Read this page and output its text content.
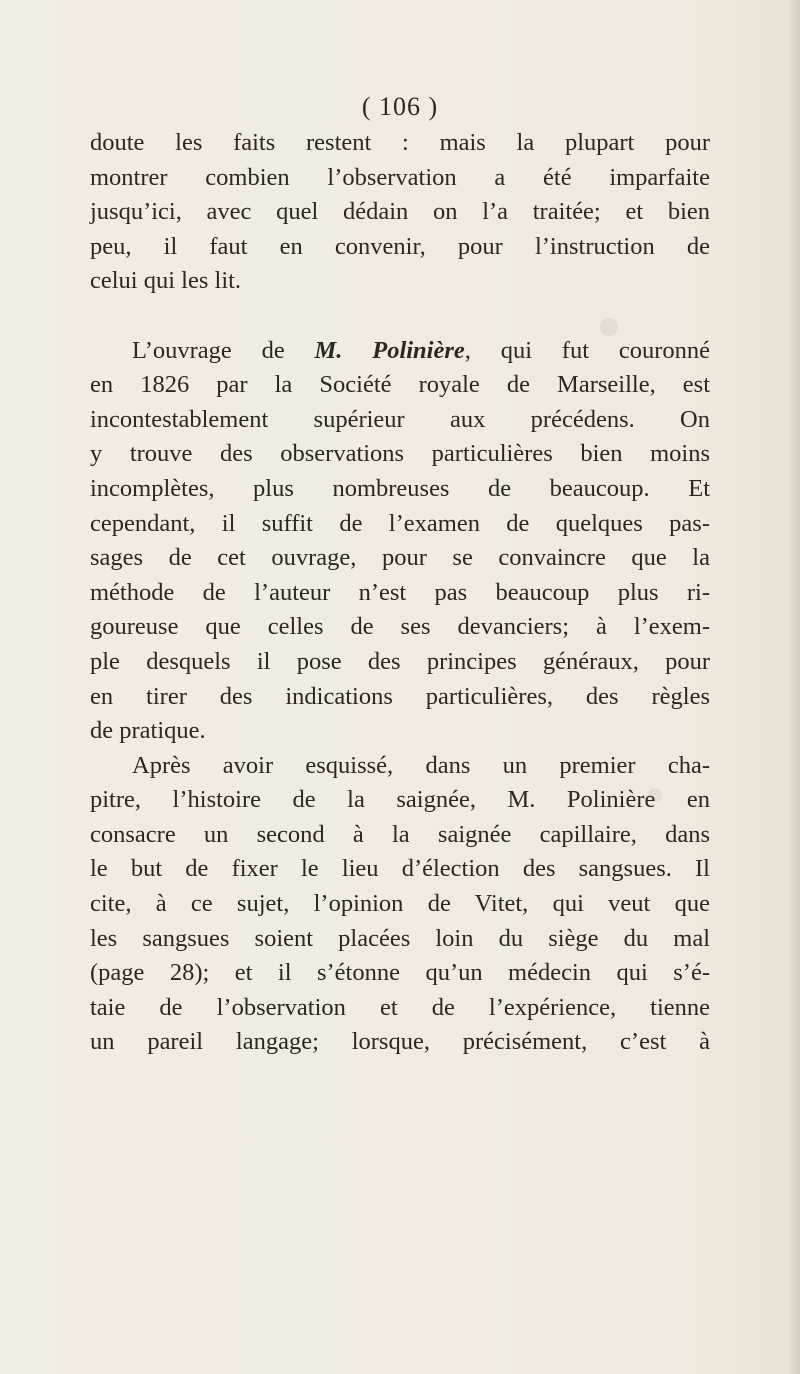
( 106 )
doute les faits restent : mais la plupart pour
montrer combien l’observation a été imparfaite
jusqu’ici, avec quel dédain on l’a traitée; et bien
peu, il faut en convenir, pour l’instruction de
celui qui les lit.
L’ouvrage de M. Polinière, qui fut couronné
en 1826 par la Société royale de Marseille, est
incontestablement supérieur aux précédens. On
y trouve des observations particulières bien moins
incomplètes, plus nombreuses de beaucoup. Et
cependant, il suffit de l’examen de quelques pas-
sages de cet ouvrage, pour se convaincre que la
méthode de l’auteur n’est pas beaucoup plus ri-
goureuse que celles de ses devanciers; à l’exem-
ple desquels il pose des principes généraux, pour
en tirer des indications particulières, des règles
de pratique.
Après avoir esquissé, dans un premier cha-
pitre, l’histoire de la saignée, M. Polinière en
consacre un second à la saignée capillaire, dans
le but de fixer le lieu d’élection des sangsues. Il
cite, à ce sujet, l’opinion de Vitet, qui veut que
les sangsues soient placées loin du siège du mal
(page 28); et il s’étonne qu’un médecin qui s’é-
taie de l’observation et de l’expérience, tienne
un pareil langage; lorsque, précisément, c’est à
